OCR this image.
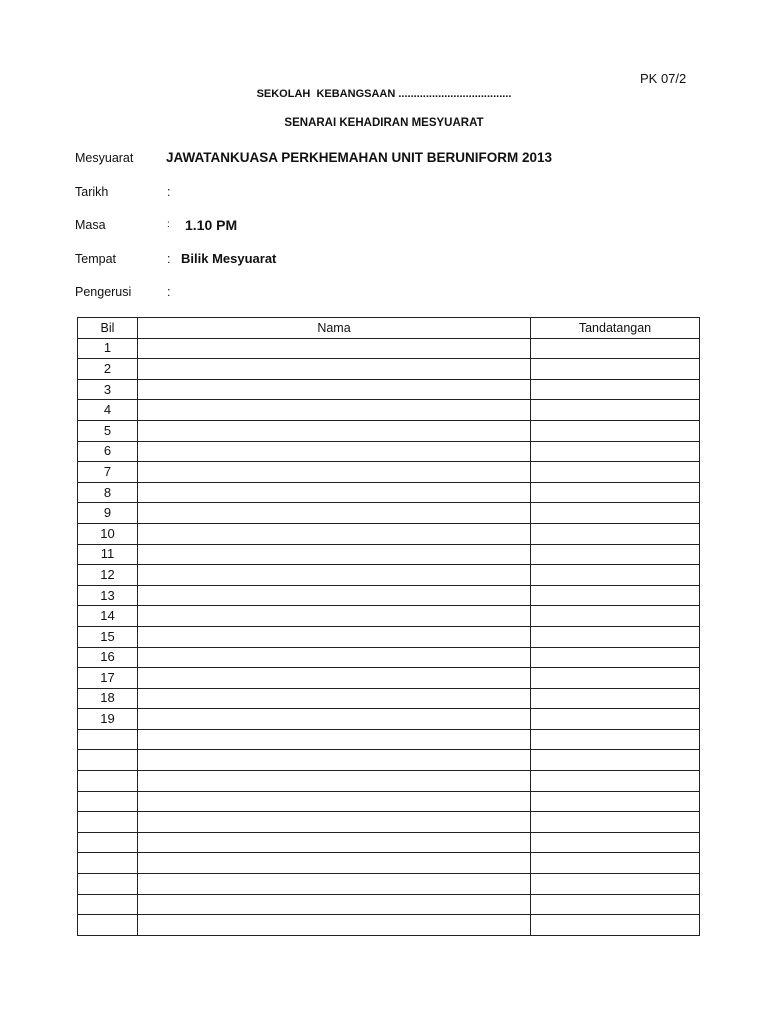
PK 07/2
SEKOLAH  KEBANGSAAN .....................................
SENARAI KEHADIRAN MESYUARAT
Mesyuarat JAWATANKUASA PERKHEMAHAN UNIT BERUNIFORM 2013
Tarikh	:
Masa	: 1.10 PM
Tempat	: Bilik Mesyuarat
Pengerusi	:
Bil	Nama	Tandatangan
1		
2		
3		
4		
5		
6		
7		
8		
9		
10		
11		
12		
13		
14		
15		
16		
17		
18		
19		
